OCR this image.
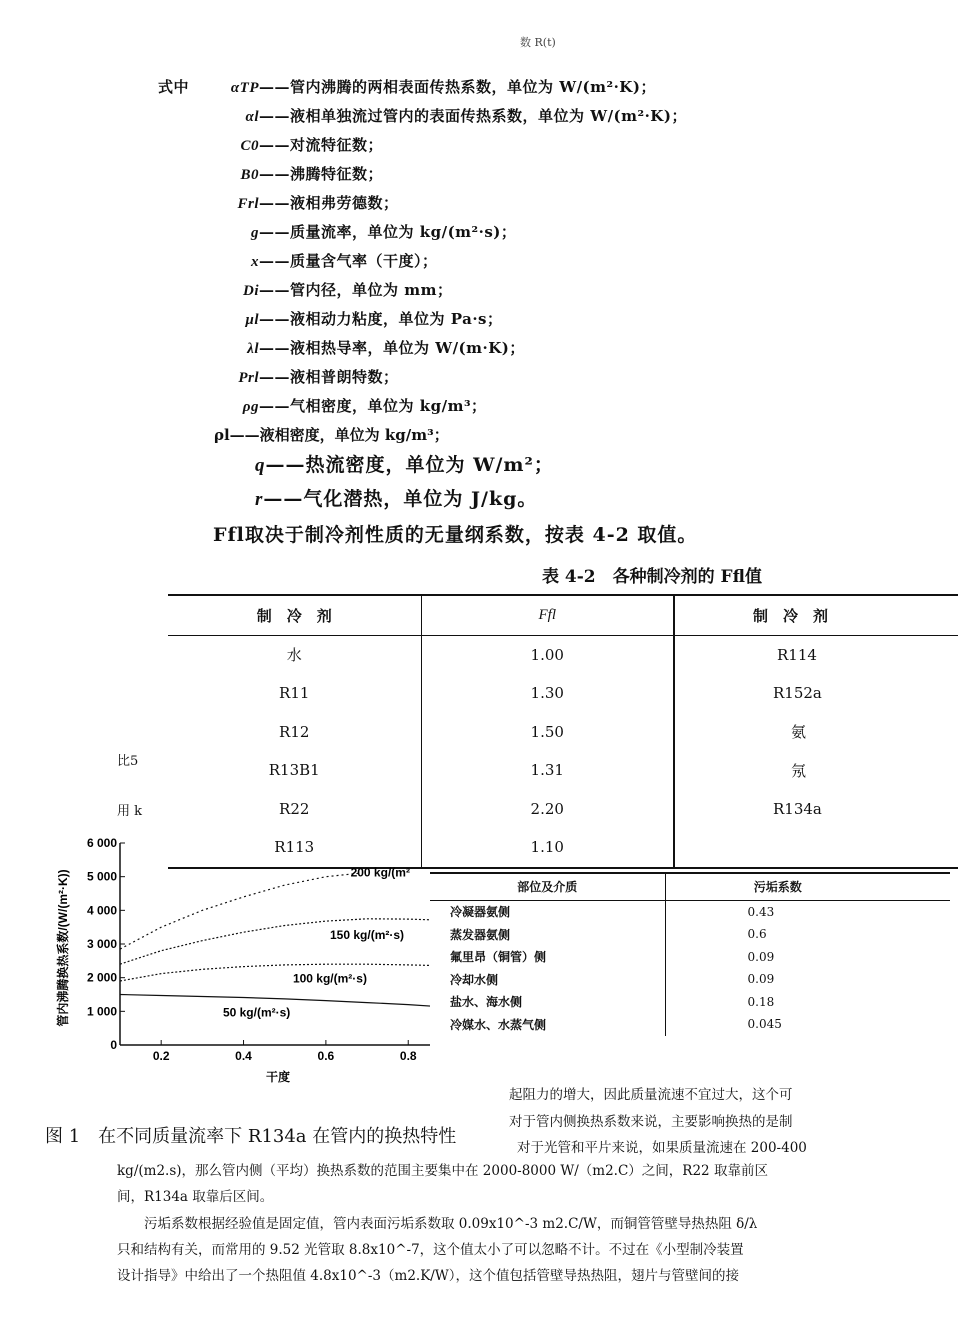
数 R(t)
式中	αTP——管内沸腾的两相表面传热系数，单位为 W/(m²·K)；
αl——液相单独流过管内的表面传热系数，单位为 W/(m²·K)；
C0——对流特征数；
B0——沸腾特征数；
Frl——液相弗劳德数；
g——质量流率，单位为 kg/(m²·s)；
x——质量含气率（干度）；
Di——管内径，单位为 mm；
μl——液相动力粘度，单位为 Pa·s；
λl——液相热导率，单位为 W/(m·K)；
Prl——液相普朗特数；
ρg——气相密度，单位为 kg/m³；
ρl——液相密度，单位为 kg/m³；
q——热流密度，单位为 W/m²；
r——气化潜热，单位为 J/kg。
Ffl取决于制冷剂性质的无量纲系数，按表 4-2 取值。
表 4-2　各种制冷剂的 Ffl值
制　冷　剂	Ffl	制　冷　剂
水	1.00	R114
R11	1.30	R152a
R12	1.50	氨
R13B1	1.31	氖
R22	2.20	R134a
R113	1.10	
比5
用 k
管内沸腾换热系数/(W/(m²·K))
干度
0
1 000
2 000
3 000
4 000
5 000
6 000
0.2	0.4	0.6	0.8
200 kg/(m²
150 kg/(m²·s)
100 kg/(m²·s)
50 kg/(m²·s)
部位及介质	污垢系数
冷凝器氨侧	0.43
蒸发器氨侧	0.6
氟里昂（铜管）侧	0.09
冷却水侧	0.09
盐水、海水侧	0.18
冷媒水、水蒸气侧	0.045
起阻力的增大，因此质量流速不宜过大，这个可
对于管内侧换热系数来说，主要影响换热的是制
对于光管和平片来说，如果质量流速在 200-400
图 1　在不同质量流率下 R134a 在管内的换热特性
kg/(m2.s)，那么管内侧（平均）换热系数的范围主要集中在 2000-8000 W/（m2.C）之间，R22 取靠前区
间，R134a 取靠后区间。
　　污垢系数根据经验值是固定值，管内表面污垢系数取 0.09x10^-3 m2.C/W，而铜管管壁导热热阻 δ/λ
只和结构有关，而常用的 9.52 光管取 8.8x10^-7，这个值太小了可以忽略不计。不过在《小型制冷装置
设计指导》中给出了一个热阻值 4.8x10^-3（m2.K/W），这个值包括管壁导热热阻，翅片与管壁间的接
